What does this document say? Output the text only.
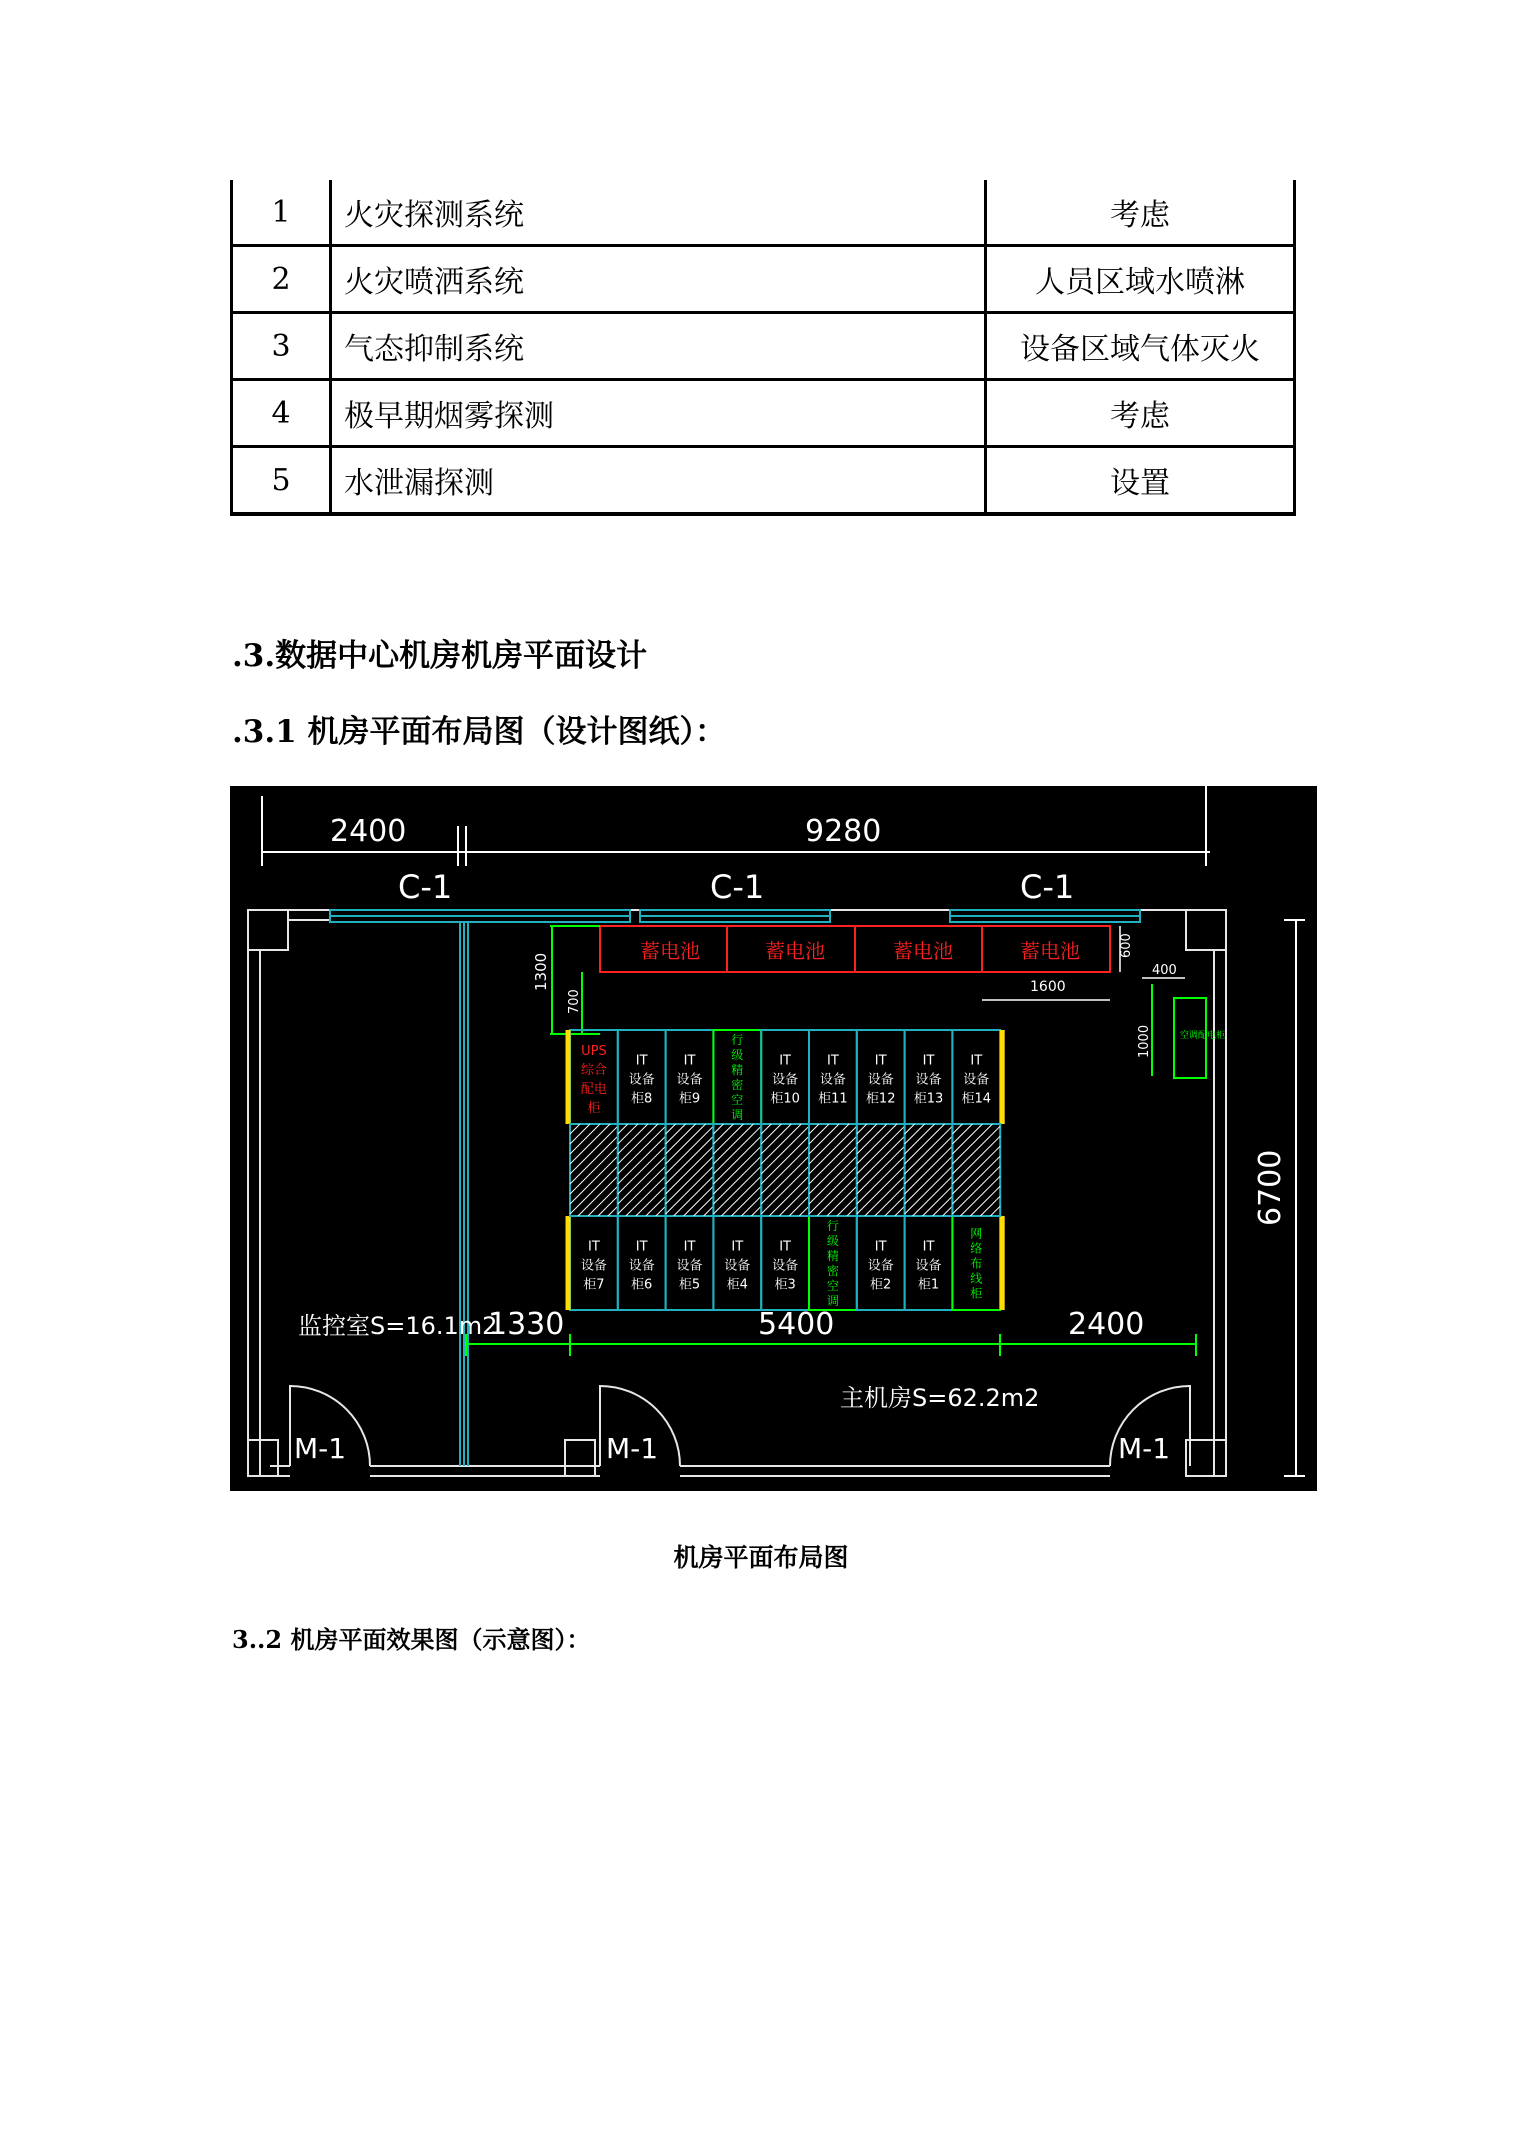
1	火灾探测系统	考虑
2	火灾喷洒系统	人员区域水喷淋
3	气态抑制系统	设备区域气体灭火
4	极早期烟雾探测	考虑
5	水泄漏探测	设置
.3.数据中心机房机房平面设计
.3.1 机房平面布局图（设计图纸）：
2400	9280
C-1	C-1	C-1
蓄电池	蓄电池	蓄电池	蓄电池	600
1600
400
1300
700
1000	空调配电柜
UPS 综合配电柜
IT 设备柜8
IT 设备柜9
行级精密空调
IT 设备柜10
IT 设备柜11
IT 设备柜12
IT 设备柜13
IT 设备柜14
IT 设备柜7
IT 设备柜6
IT 设备柜5
IT 设备柜4
IT 设备柜3
行级精密空调
IT 设备柜2
IT 设备柜1
网络布线柜
6700
1330	5400	2400
监控室S=16.1m2
主机房S=62.2m2
M-1	M-1	M-1
机房平面布局图
3..2 机房平面效果图（示意图）：
